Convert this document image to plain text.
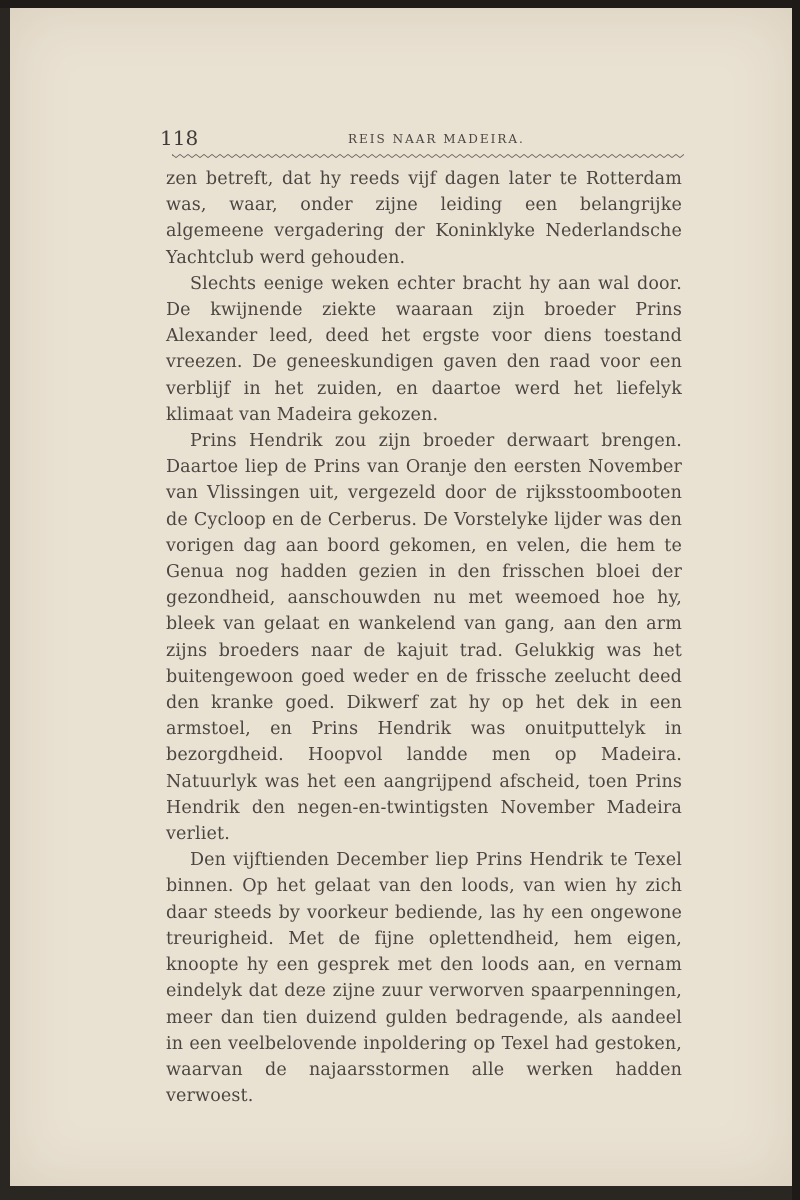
118	REIS NAAR MADEIRA.

zen betreft, dat hy reeds vijf dagen later te Rotterdam was, waar, onder zijne leiding een belangrijke algemeene vergadering der Koninklyke Nederlandsche Yachtclub werd gehouden.

Slechts eenige weken echter bracht hy aan wal door. De kwijnende ziekte waaraan zijn broeder Prins Alexander leed, deed het ergste voor diens toestand vreezen. De geneeskundigen gaven den raad voor een verblijf in het zuiden, en daartoe werd het liefelyk klimaat van Madeira gekozen.

Prins Hendrik zou zijn broeder derwaart brengen. Daartoe liep de Prins van Oranje den eersten November van Vlissingen uit, vergezeld door de rijksstoombooten de Cycloop en de Cerberus. De Vorstelyke lijder was den vorigen dag aan boord gekomen, en velen, die hem te Genua nog hadden gezien in den frisschen bloei der gezondheid, aanschouwden nu met weemoed hoe hy, bleek van gelaat en wankelend van gang, aan den arm zijns broeders naar de kajuit trad. Gelukkig was het buitengewoon goed weder en de frissche zeelucht deed den kranke goed. Dikwerf zat hy op het dek in een armstoel, en Prins Hendrik was onuitputtelyk in bezorgdheid. Hoopvol landde men op Madeira. Natuurlyk was het een aangrijpend afscheid, toen Prins Hendrik den negen-en-twintigsten November Madeira verliet.

Den vijftienden December liep Prins Hendrik te Texel binnen. Op het gelaat van den loods, van wien hy zich daar steeds by voorkeur bediende, las hy een ongewone treurigheid. Met de fijne oplettendheid, hem eigen, knoopte hy een gesprek met den loods aan, en vernam eindelyk dat deze zijne zuur verworven spaarpenningen, meer dan tien duizend gulden bedragende, als aandeel in een veelbelovende inpoldering op Texel had gestoken, waarvan de najaarsstormen alle werken hadden verwoest.
